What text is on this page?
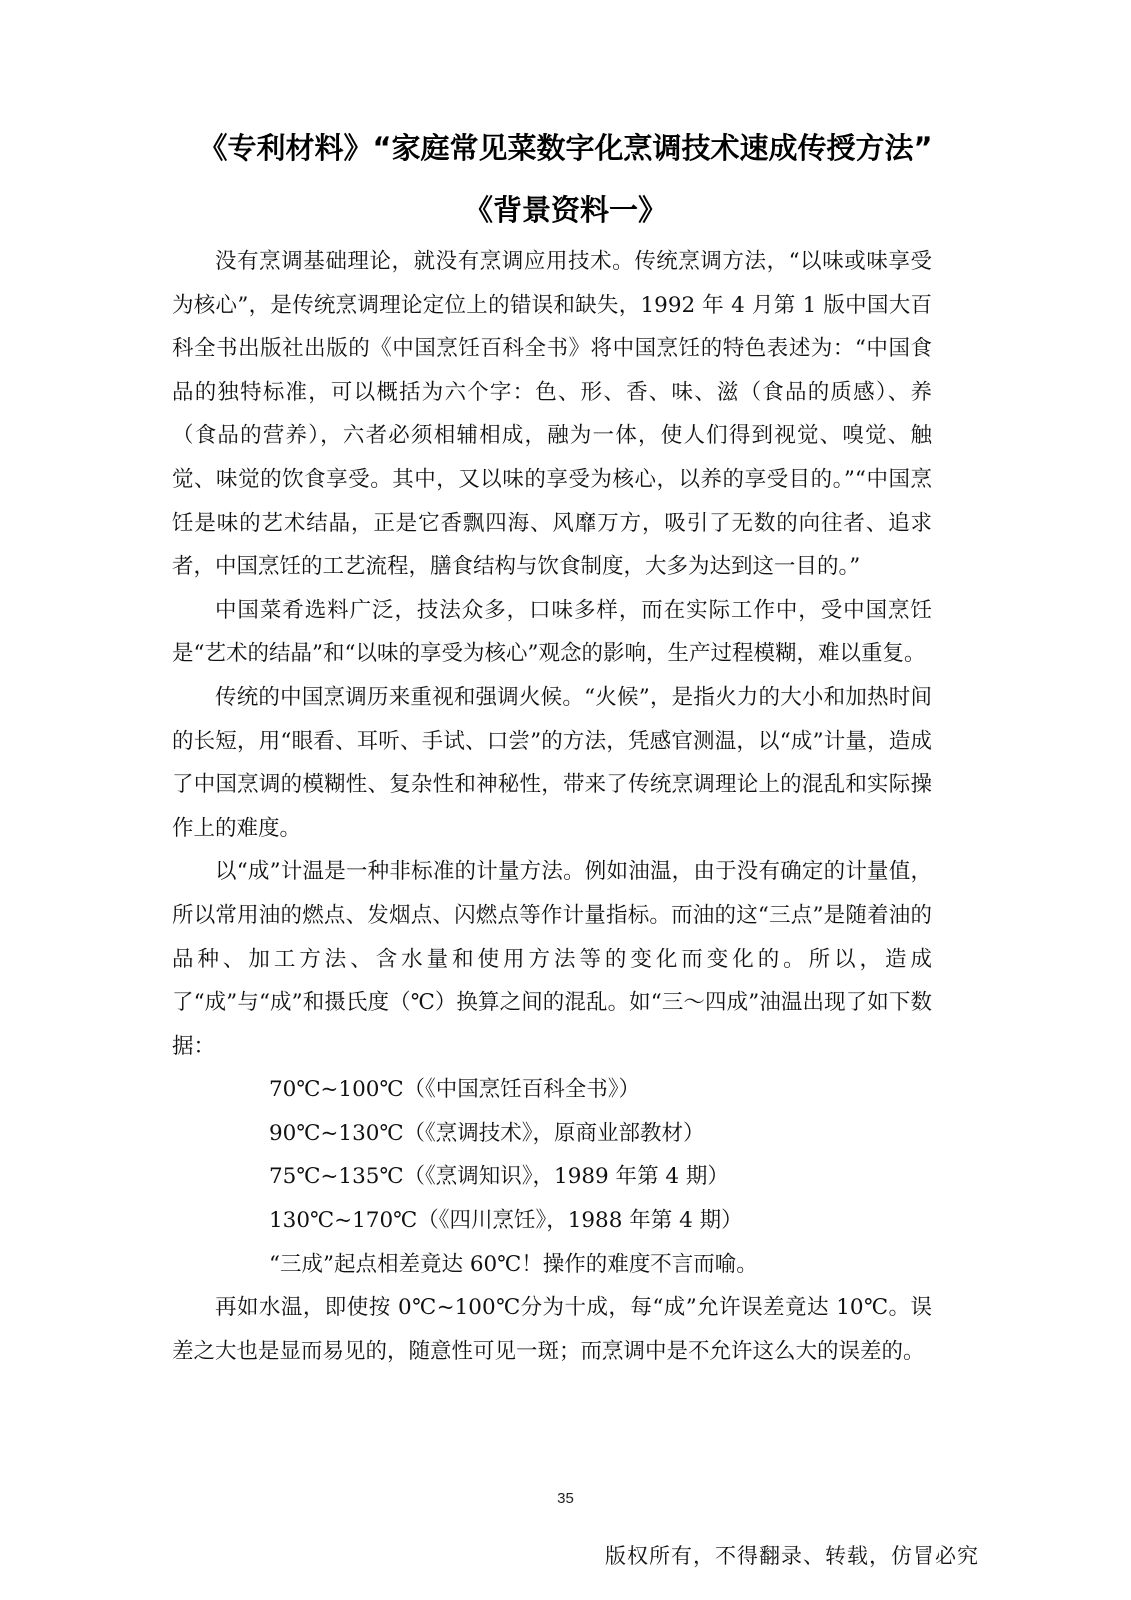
《专利材料》“家庭常见菜数字化烹调技术速成传授方法”
《背景资料一》

没有烹调基础理论，就没有烹调应用技术。传统烹调方法，“以味或味享受为核心”，是传统烹调理论定位上的错误和缺失，1992 年 4 月第 1 版中国大百科全书出版社出版的《中国烹饪百科全书》将中国烹饪的特色表述为：“中国食品的独特标准，可以概括为六个字：色、形、香、味、滋（食品的质感）、养（食品的营养），六者必须相辅相成，融为一体，使人们得到视觉、嗅觉、触觉、味觉的饮食享受。其中，又以味的享受为核心，以养的享受目的。”“中国烹饪是味的艺术结晶，正是它香飘四海、风靡万方，吸引了无数的向往者、追求者，中国烹饪的工艺流程，膳食结构与饮食制度，大多为达到这一目的。”

中国菜肴选料广泛，技法众多，口味多样，而在实际工作中，受中国烹饪是“艺术的结晶”和“以味的享受为核心”观念的影响，生产过程模糊，难以重复。

传统的中国烹调历来重视和强调火候。“火候”，是指火力的大小和加热时间的长短，用“眼看、耳听、手试、口尝”的方法，凭感官测温，以“成”计量，造成了中国烹调的模糊性、复杂性和神秘性，带来了传统烹调理论上的混乱和实际操作上的难度。

以“成”计温是一种非标准的计量方法。例如油温，由于没有确定的计量值，所以常用油的燃点、发烟点、闪燃点等作计量指标。而油的这“三点”是随着油的品种、加工方法、含水量和使用方法等的变化而变化的。所以，造成了“成”与“成”和摄氏度（℃）换算之间的混乱。如“三～四成”油温出现了如下数据：

70℃~100℃（《中国烹饪百科全书》）

90℃~130℃（《烹调技术》，原商业部教材）

75℃~135℃（《烹调知识》，1989 年第 4 期）

130℃~170℃（《四川烹饪》，1988 年第 4 期）

“三成”起点相差竟达 60℃！操作的难度不言而喻。

再如水温，即使按 0℃~100℃分为十成，每“成”允许误差竟达 10℃。误差之大也是显而易见的，随意性可见一斑；而烹调中是不允许这么大的误差的。

35
版权所有，不得翻录、转载，仿冒必究
